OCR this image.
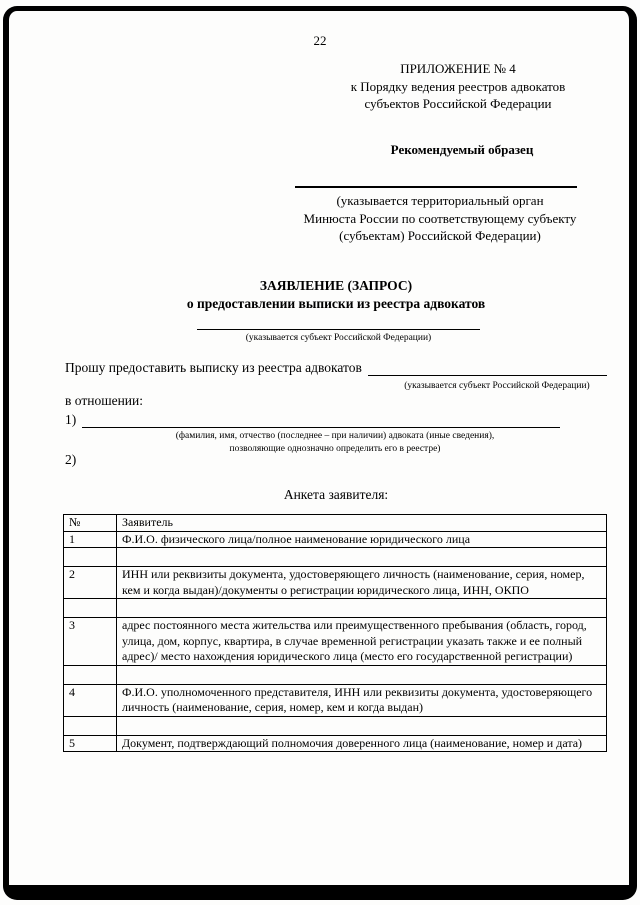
22
ПРИЛОЖЕНИЕ № 4
к Порядку ведения реестров адвокатов
субъектов Российской Федерации
Рекомендуемый образец
(указывается территориальный орган
Минюста России по соответствующему субъекту
(субъектам) Российской Федерации)
ЗАЯВЛЕНИЕ (ЗАПРОС)
о предоставлении выписки из реестра адвокатов
(указывается субъект Российской Федерации)
Прошу предоставить выписку из реестра адвокатов
(указывается субъект Российской Федерации)
в отношении:
1)
(фамилия, имя, отчество (последнее – при наличии) адвоката (иные сведения),
позволяющие однозначно определить его в реестре)
2)
Анкета заявителя:
№	Заявитель
1	Ф.И.О. физического лица/полное наименование юридического лица

2	ИНН или реквизиты документа, удостоверяющего личность (наименование, серия, номер, кем и когда выдан)/документы о регистрации юридического лица, ИНН, ОКПО

3	адрес постоянного места жительства или преимущественного пребывания (область, город, улица, дом, корпус, квартира, в случае временной регистрации указать также и ее полный адрес)/ место нахождения юридического лица (место его государственной регистрации)

4	Ф.И.О. уполномоченного представителя, ИНН или реквизиты документа, удостоверяющего личность (наименование, серия, номер, кем и когда выдан)

5	Документ, подтверждающий полномочия доверенного лица (наименование, номер и дата)
